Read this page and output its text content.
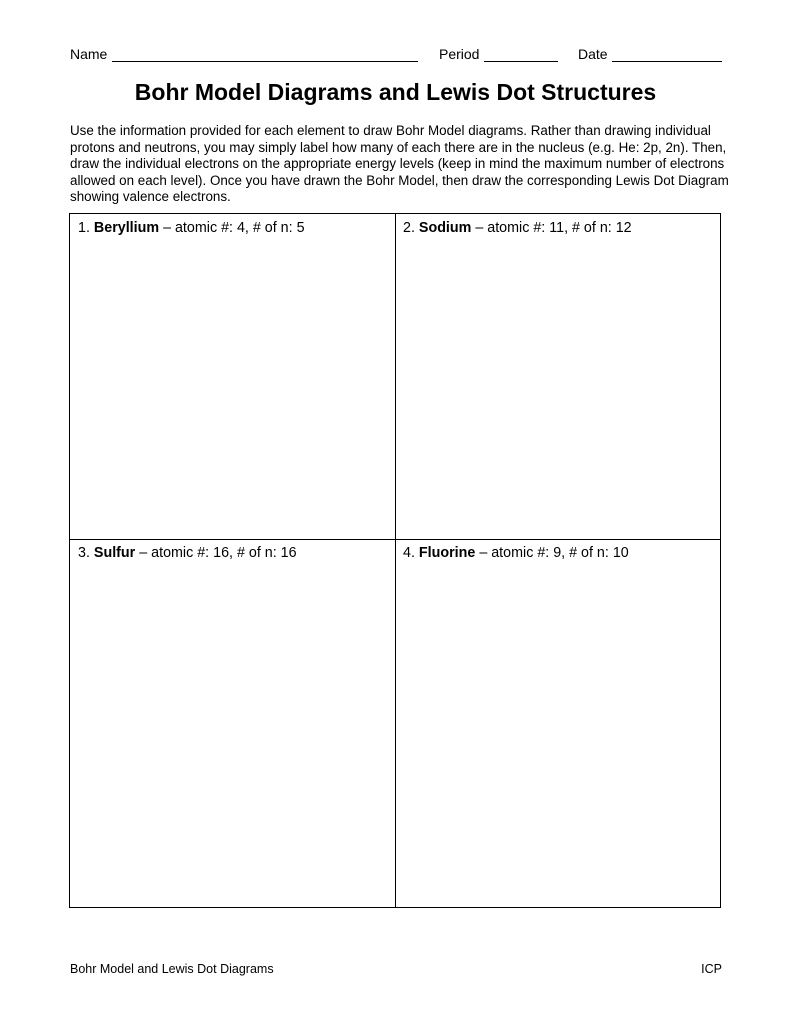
Name	Period	Date
Bohr Model Diagrams and Lewis Dot Structures
Use the information provided for each element to draw Bohr Model diagrams. Rather than drawing individual protons and neutrons, you may simply label how many of each there are in the nucleus (e.g. He: 2p, 2n). Then, draw the individual electrons on the appropriate energy levels (keep in mind the maximum number of electrons allowed on each level). Once you have drawn the Bohr Model, then draw the corresponding Lewis Dot Diagram showing valence electrons.
1. Beryllium – atomic #: 4, # of n: 5	2. Sodium – atomic #: 11, # of n: 12
3. Sulfur – atomic #: 16, # of n: 16	4. Fluorine – atomic #: 9, # of n: 10
Bohr Model and Lewis Dot Diagrams	ICP
